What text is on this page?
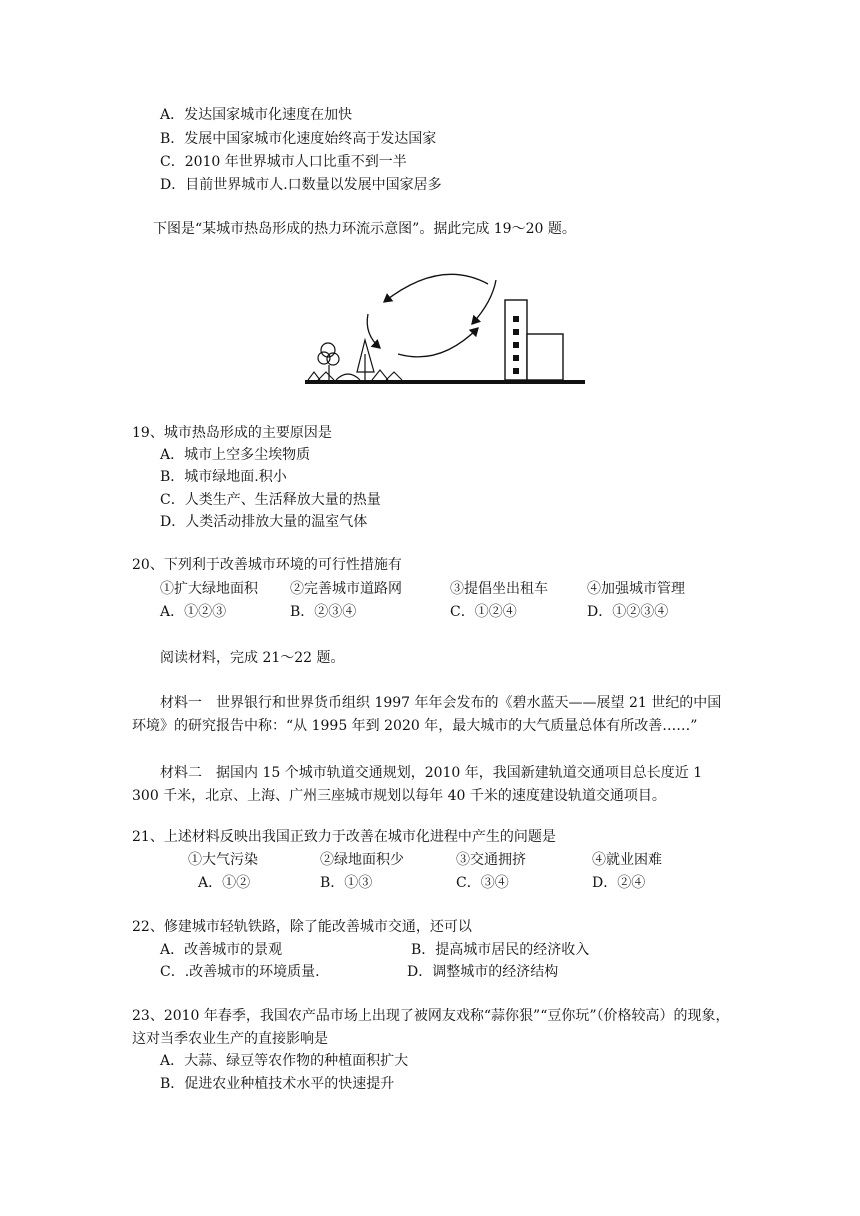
A．发达国家城市化速度在加快
B．发展中国家城市化速度始终高于发达国家
C．2010 年世界城市人口比重不到一半
D．目前世界城市人.口数量以发展中国家居多
下图是“某城市热岛形成的热力环流示意图”。据此完成 19～20 题。
19、城市热岛形成的主要原因是
A．城市上空多尘埃物质
B．城市绿地面.积小
C．人类生产、生活释放大量的热量
D．人类活动排放大量的温室气体
20、下列利于改善城市环境的可行性措施有
①扩大绿地面积 ②完善城市道路网	③提倡坐出租车	④加强城市管理
A．①②③	B．②③④	C．①②④	D．①②③④
阅读材料，完成 21～22 题。
材料一　世界银行和世界货币组织 1997 年年会发布的《碧水蓝天——展望 21 世纪的中国环境》的研究报告中称：“从 1995 年到 2020 年，最大城市的大气质量总体有所改善……”
材料二　据国内 15 个城市轨道交通规划，2010 年，我国新建轨道交通项目总长度近 1 300 千米，北京、上海、广州三座城市规划以每年 40 千米的速度建设轨道交通项目。
21、上述材料反映出我国正致力于改善在城市化进程中产生的问题是
①大气污染	②绿地面积少	③交通拥挤	④就业困难
A．①②	B．①③	C．③④	D．②④
22、修建城市轻轨铁路，除了能改善城市交通，还可以
A．改善城市的景观	B．提高城市居民的经济收入
C．.改善城市的环境质量.	D．调整城市的经济结构
23、2010 年春季，我国农产品市场上出现了被网友戏称“蒜你狠”“豆你玩”（价格较高）的现象，这对当季农业生产的直接影响是
A．大蒜、绿豆等农作物的种植面积扩大
B．促进农业种植技术水平的快速提升
